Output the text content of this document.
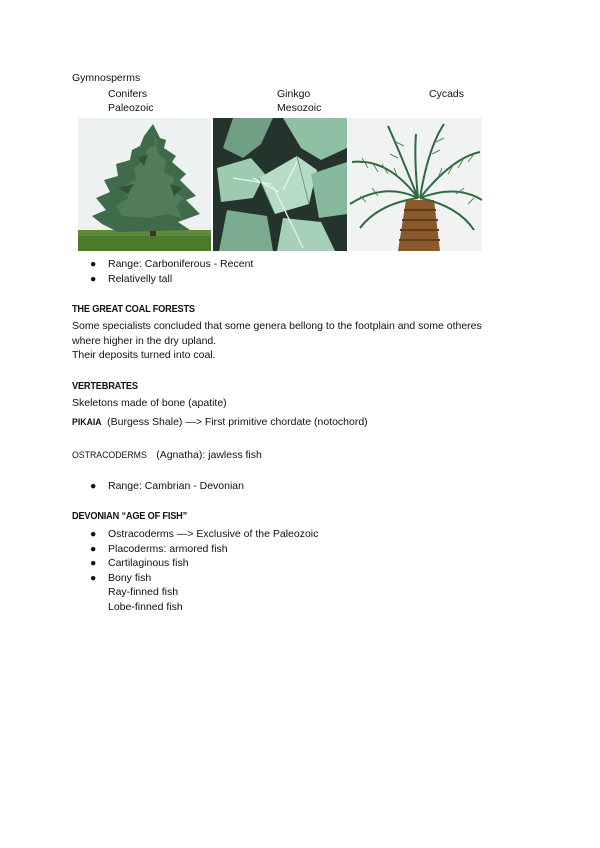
Gymnosperms
Conifers	Ginkgo	Cycads
Paleozoic	Mesozoic
● Range: Carboniferous - Recent
● Relativelly tall
THE GREAT COAL FORESTS
Some specialists concluded that some genera bellong to the footplain and some otheres
where higher in the dry upland.
Their deposits turned into coal.
VERTEBRATES
Skeletons made of bone (apatite)
PIKAIA (Burgess Shale) —> First primitive chordate (notochord)
OSTRACODERMS (Agnatha): jawless fish
● Range: Cambrian - Devonian
DEVONIAN “AGE OF FISH”
● Ostracoderms —> Exclusive of the Paleozoic
● Placoderms: armored fish
● Cartilaginous fish
● Bony fish
Ray-finned fish
Lobe-finned fish
